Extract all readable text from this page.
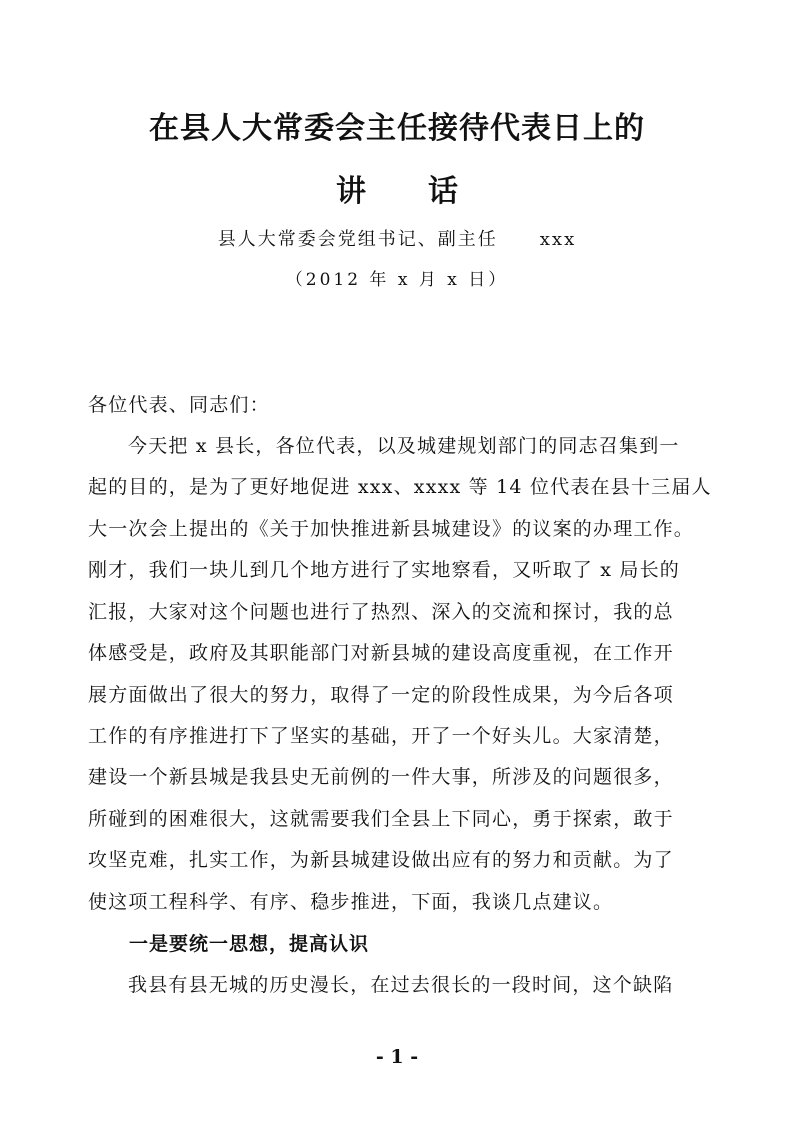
在县人大常委会主任接待代表日上的
讲 话
县人大常委会党组书记、副主任 xxx
（2012 年 x 月 x 日）
各位代表、同志们：
今天把 x 县长，各位代表，以及城建规划部门的同志召集到一
起的目的，是为了更好地促进 xxx、xxxx 等 14 位代表在县十三届人
大一次会上提出的《关于加快推进新县城建设》的议案的办理工作。
刚才，我们一块儿到几个地方进行了实地察看，又听取了 x 局长的
汇报，大家对这个问题也进行了热烈、深入的交流和探讨，我的总
体感受是，政府及其职能部门对新县城的建设高度重视，在工作开
展方面做出了很大的努力，取得了一定的阶段性成果，为今后各项
工作的有序推进打下了坚实的基础，开了一个好头儿。大家清楚，
建设一个新县城是我县史无前例的一件大事，所涉及的问题很多，
所碰到的困难很大，这就需要我们全县上下同心，勇于探索，敢于
攻坚克难，扎实工作，为新县城建设做出应有的努力和贡献。为了
使这项工程科学、有序、稳步推进，下面，我谈几点建议。
一是要统一思想，提高认识
我县有县无城的历史漫长，在过去很长的一段时间，这个缺陷
- 1 -
